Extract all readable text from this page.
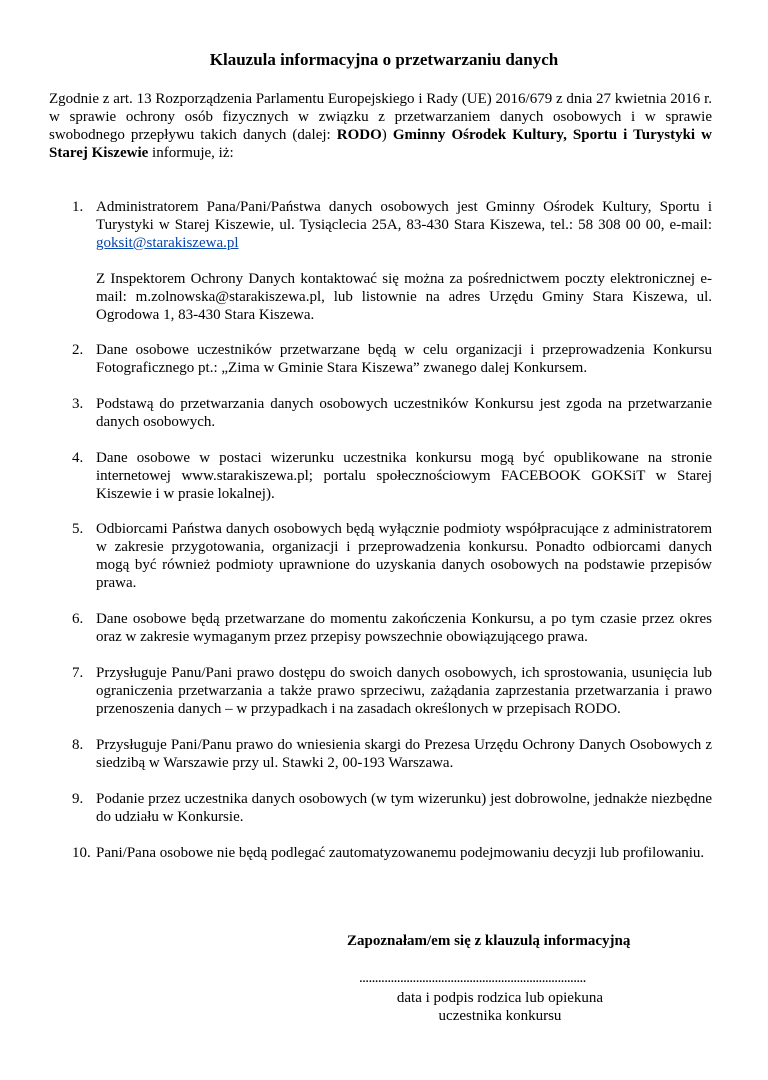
Klauzula informacyjna o przetwarzaniu danych
Zgodnie z art. 13 Rozporządzenia Parlamentu Europejskiego i Rady (UE) 2016/679 z dnia 27 kwietnia 2016 r. w sprawie ochrony osób fizycznych w związku z przetwarzaniem danych osobowych i w sprawie swobodnego przepływu takich danych (dalej: RODO) Gminny Ośrodek Kultury, Sportu i Turystyki w Starej Kiszewie informuje, iż:
1. Administratorem Pana/Pani/Państwa danych osobowych jest Gminny Ośrodek Kultury, Sportu i Turystyki w Starej Kiszewie, ul. Tysiąclecia 25A, 83-430 Stara Kiszewa, tel.: 58 308 00 00, e-mail: goksit@starakiszewa.pl

Z Inspektorem Ochrony Danych kontaktować się można za pośrednictwem poczty elektronicznej e-mail: m.zolnowska@starakiszewa.pl, lub listownie na adres Urzędu Gminy Stara Kiszewa, ul. Ogrodowa 1, 83-430 Stara Kiszewa.

2. Dane osobowe uczestników przetwarzane będą w celu organizacji i przeprowadzenia Konkursu Fotograficznego pt.: „Zima w Gminie Stara Kiszewa” zwanego dalej Konkursem.

3. Podstawą do przetwarzania danych osobowych uczestników Konkursu jest zgoda na przetwarzanie danych osobowych.

4. Dane osobowe w postaci wizerunku uczestnika konkursu mogą być opublikowane na stronie internetowej www.starakiszewa.pl; portalu społecznościowym FACEBOOK GOKSiT w Starej Kiszewie i w prasie lokalnej).

5. Odbiorcami Państwa danych osobowych będą wyłącznie podmioty współpracujące z administratorem w zakresie przygotowania, organizacji i przeprowadzenia konkursu. Ponadto odbiorcami danych mogą być również podmioty uprawnione do uzyskania danych osobowych na podstawie przepisów prawa.

6. Dane osobowe będą przetwarzane do momentu zakończenia Konkursu, a po tym czasie przez okres oraz w zakresie wymaganym przez przepisy powszechnie obowiązującego prawa.

7. Przysługuje Panu/Pani prawo dostępu do swoich danych osobowych, ich sprostowania, usunięcia lub ograniczenia przetwarzania a także prawo sprzeciwu, zażądania zaprzestania przetwarzania i prawo przenoszenia danych – w przypadkach i na zasadach określonych w przepisach RODO.

8. Przysługuje Pani/Panu prawo do wniesienia skargi do Prezesa Urzędu Ochrony Danych Osobowych z siedzibą w Warszawie przy ul. Stawki 2, 00-193 Warszawa.

9. Podanie przez uczestnika danych osobowych (w tym wizerunku) jest dobrowolne, jednakże niezbędne do udziału w Konkursie.

10. Pani/Pana osobowe nie będą podlegać zautomatyzowanemu podejmowaniu decyzji lub profilowaniu.

Zapoznałam/em się z klauzulą informacyjną
........................................................................
data i podpis rodzica lub opiekuna
uczestnika konkursu
